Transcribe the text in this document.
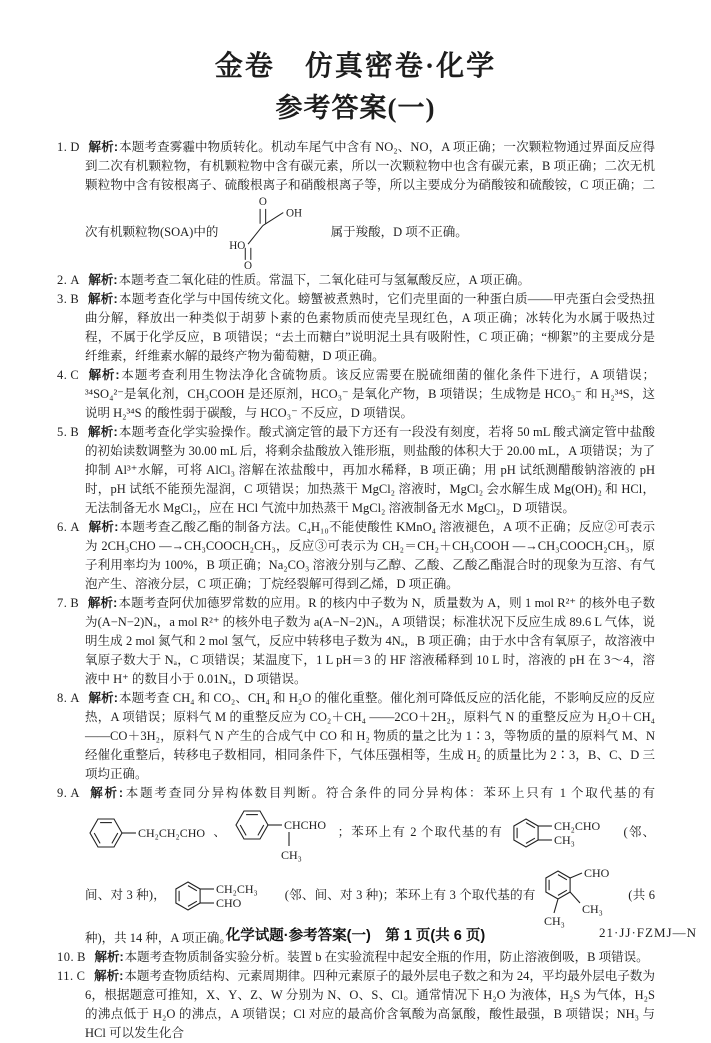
金卷　仿真密卷·化学
参考答案(一)

1. D 解析:本题考查雾霾中物质转化。机动车尾气中含有 NO₂、NO，A 项正确；一次颗粒物通过界面反应得到二次有机颗粒物，有机颗粒物中含有碳元素，所以一次颗粒物中也含有碳元素，B 项正确；二次无机颗粒物中含有铵根离子、硫酸根离子和硝酸根离子等，所以主要成分为硝酸铵和硫酸铵，C 项正确；二次有机颗粒物(SOA)中的
O
OH
HO
O
属于羧酸，D 项不正确。

2. A 解析:本题考查二氧化硅的性质。常温下，二氧化硅可与氢氟酸反应，A 项正确。

3. B 解析:本题考查化学与中国传统文化。螃蟹被煮熟时，它们壳里面的一种蛋白质——甲壳蛋白会受热扭曲分解，释放出一种类似于胡萝卜素的色素物质而使壳呈现红色，A 项正确；冰转化为水属于吸热过程，不属于化学反应，B 项错误；“去土而糖白”说明泥土具有吸附性，C 项正确；“柳絮”的主要成分是纤维素，纤维素水解的最终产物为葡萄糖，D 项正确。

4. C 解析:本题考查利用生物法净化含硫物质。该反应需要在脱硫细菌的催化条件下进行，A 项错误；³⁴SO₄²⁻是氧化剂，CH₃COOH 是还原剂，HCO₃⁻ 是氧化产物，B 项错误；生成物是 HCO₃⁻ 和 H₂³⁴S，这说明 H₂³⁴S 的酸性弱于碳酸，与 HCO₃⁻ 不反应，D 项错误。

5. B 解析:本题考查化学实验操作。酸式滴定管的最下方还有一段没有刻度，若将 50 mL 酸式滴定管中盐酸的初始读数调整为 30.00 mL 后，将剩余盐酸放入锥形瓶，则盐酸的体积大于 20.00 mL，A 项错误；为了抑制 Al³⁺水解，可将 AlCl₃ 溶解在浓盐酸中，再加水稀释，B 项正确；用 pH 试纸测醋酸钠溶液的 pH 时，pH 试纸不能预先湿润，C 项错误；加热蒸干 MgCl₂ 溶液时，MgCl₂ 会水解生成 Mg(OH)₂ 和 HCl，无法制备无水 MgCl₂，应在 HCl 气流中加热蒸干 MgCl₂ 溶液制备无水 MgCl₂，D 项错误。

6. A 解析:本题考查乙酸乙酯的制备方法。C₄H₁₀不能使酸性 KMnO₄ 溶液褪色，A 项不正确；反应②可表示为 2CH₃CHO —→CH₃COOCH₂CH₃，反应③可表示为 CH₂＝CH₂＋CH₃COOH —→CH₃COOCH₂CH₃，原子利用率均为 100%，B 项正确；Na₂CO₃ 溶液分别与乙醇、乙酸、乙酸乙酯混合时的现象为互溶、有气泡产生、溶液分层，C 项正确；丁烷经裂解可得到乙烯，D 项正确。

7. B 解析:本题考查阿伏加德罗常数的应用。R 的核内中子数为 N，质量数为 A，则 1 mol R²⁺ 的核外电子数为(A−N−2)Nₐ，a mol R²⁺ 的核外电子数为 a(A−N−2)Nₐ，A 项错误；标准状况下反应生成 89.6 L 气体，说明生成 2 mol 氮气和 2 mol 氢气，反应中转移电子数为 4Nₐ，B 项正确；由于水中含有氧原子，故溶液中氧原子数大于 Nₐ，C 项错误；某温度下，1 L pH＝3 的 HF 溶液稀释到 10 L 时，溶液的 pH 在 3～4，溶液中 H⁺ 的数目小于 0.01Nₐ，D 项错误。

8. A 解析:本题考查 CH₄ 和 CO₂、CH₄ 和 H₂O 的催化重整。催化剂可降低反应的活化能，不影响反应的反应热，A 项错误；原料气 M 的重整反应为 CO₂＋CH₄ ——2CO＋2H₂，原料气 N 的重整反应为 H₂O＋CH₄ ——CO＋3H₂，原料气 N 产生的合成气中 CO 和 H₂ 物质的量之比为 1∶3，等物质的量的原料气 M、N 经催化重整后，转移电子数相同，相同条件下，气体压强相等，生成 H₂ 的质量比为 2∶3，B、C、D 三项均正确。

9. A 解析:本题考查同分异构体数目判断。符合条件的同分异构体：苯环上只有 1 个取代基的有
CH₂CH₂CHO 、	CHCHO
CH₃
；苯环上有 2 个取代基的有	CH₂CHO
CH₃
(邻、间、对 3 种)，	CH₂CH₃
CHO
(邻、间、对 3 种)；苯环上有 3 个取代基的有
CHO
CH₃
CH₃
(共 6 种)，共 14 种，A 项正确。

10. B 解析:本题考查物质制备实验分析。装置 b 在实验流程中起安全瓶的作用，防止溶液倒吸，B 项错误。

11. C 解析:本题考查物质结构、元素周期律。四种元素原子的最外层电子数之和为 24，平均最外层电子数为 6，根据题意可推知，X、Y、Z、W 分别为 N、O、S、Cl。通常情况下 H₂O 为液体，H₂S 为气体，H₂S 的沸点低于 H₂O 的沸点，A 项错误；Cl 对应的最高价含氧酸为高氯酸，酸性最强，B 项错误；NH₃ 与 HCl 可以发生化合

化学试题·参考答案(一)　第 1 页(共 6 页)	21·JJ·FZMJ—N
